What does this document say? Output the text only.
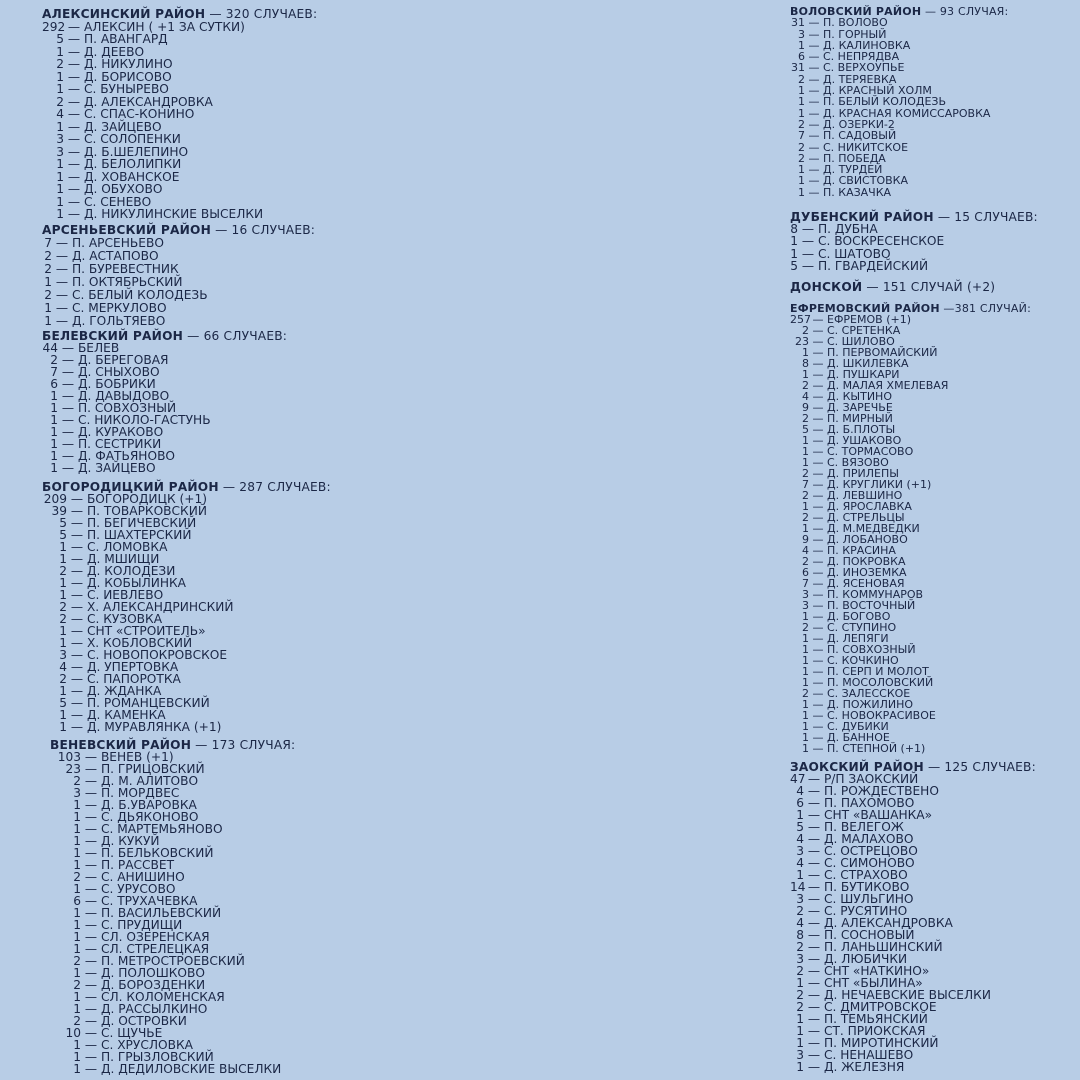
АЛЕКСИНСКИЙ РАЙОН — 320 СЛУЧАЕВ:
292 — АЛЕКСИН ( +1 ЗА СУТКИ)
5 — П. АВАНГАРД
1 — Д. ДЕЕВО
2 — Д. НИКУЛИНО
1 — Д. БОРИСОВО
1 — С. БУНЫРЕВО
2 — Д. АЛЕКСАНДРОВКА
4 — С. СПАС-КОНИНО
1 — Д. ЗАЙЦЕВО
3 — С. СОЛОПЕНКИ
3 — Д. Б.ШЕЛЕПИНО
1 — Д. БЕЛОЛИПКИ
1 — Д. ХОВАНСКОЕ
1 — Д. ОБУХОВО
1 — С. СЕНЕВО
1 — Д. НИКУЛИНСКИЕ ВЫСЕЛКИ
АРСЕНЬЕВСКИЙ РАЙОН — 16 СЛУЧАЕВ:
7 — П. АРСЕНЬЕВО
2 — Д. АСТАПОВО
2 — П. БУРЕВЕСТНИК
1 — П. ОКТЯБРЬСКИЙ
2 — С. БЕЛЫЙ КОЛОДЕЗЬ
1 — С. МЕРКУЛОВО
1 — Д. ГОЛЬТЯЕВО
БЕЛЕВСКИЙ РАЙОН — 66 СЛУЧАЕВ:
44 — БЕЛЕВ
2 — Д. БЕРЕГОВАЯ
7 — Д. СНЫХОВО
6 — Д. БОБРИКИ
1 — Д. ДАВЫДОВО
1 — П. СОВХОЗНЫЙ
1 — С. НИКОЛО-ГАСТУНЬ
1 — Д. КУРАКОВО
1 — П. СЕСТРИКИ
1 — Д. ФАТЬЯНОВО
1 — Д. ЗАЙЦЕВО
БОГОРОДИЦКИЙ РАЙОН — 287 СЛУЧАЕВ:
209 — БОГОРОДИЦК (+1)
39 — П. ТОВАРКОВСКИЙ
5 — П. БЕГИЧЕВСКИЙ
5 — П. ШАХТЕРСКИЙ
1 — С. ЛОМОВКА
1 — Д. МШИЩИ
2 — Д. КОЛОДЕЗИ
1 — Д. КОБЫЛИНКА
1 — С. ИЕВЛЕВО
2 — Х. АЛЕКСАНДРИНСКИЙ
2 — С. КУЗОВКА
1 — СНТ «СТРОИТЕЛЬ»
1 — Х. КОБЛОВСКИЙ
3 — С. НОВОПОКРОВСКОЕ
4 — Д. УПЕРТОВКА
2 — С. ПАПОРОТКА
1 — Д. ЖДАНКА
5 — П. РОМАНЦЕВСКИЙ
1 — Д. КАМЕНКА
1 — Д. МУРАВЛЯНКА (+1)
ВЕНЕВСКИЙ РАЙОН — 173 СЛУЧАЯ:
103 — ВЕНЕВ (+1)
23 — П. ГРИЦОВСКИЙ
2 — Д. М. АЛИТОВО
3 — П. МОРДВЕС
1 — Д. Б.УВАРОВКА
1 — С. ДЬЯКОНОВО
1 — С. МАРТЕМЬЯНОВО
1 — Д. КУКУЙ
1 — П. БЕЛЬКОВСКИЙ
1 — П. РАССВЕТ
2 — С. АНИШИНО
1 — С. УРУСОВО
6 — С. ТРУХАЧЕВКА
1 — П. ВАСИЛЬЕВСКИЙ
1 — С. ПРУДИЩИ
1 — СЛ. ОЗЕРЕНСКАЯ
1 — СЛ. СТРЕЛЕЦКАЯ
2 — П. МЕТРОСТРОЕВСКИЙ
1 — Д. ПОЛОШКОВО
2 — Д. БОРОЗДЕНКИ
1 — СЛ. КОЛОМЕНСКАЯ
1 — Д. РАССЫЛКИНО
2 — Д. ОСТРОВКИ
10 — С. ЩУЧЬЕ
1 — С. ХРУСЛОВКА
1 — П. ГРЫЗЛОВСКИЙ
1 — Д. ДЕДИЛОВСКИЕ ВЫСЕЛКИ
ВОЛОВСКИЙ РАЙОН — 93 СЛУЧАЯ:
31 — П. ВОЛОВО
3 — П. ГОРНЫЙ
1 — Д. КАЛИНОВКА
6 — С. НЕПРЯДВА
31 — С. ВЕРХОУПЬЕ
2 — Д. ТЕРЯЕВКА
1 — Д. КРАСНЫЙ ХОЛМ
1 — П. БЕЛЫЙ КОЛОДЕЗЬ
1 — Д. КРАСНАЯ КОМИССАРОВКА
2 — Д. ОЗЕРКИ-2
7 — П. САДОВЫЙ
2 — С. НИКИТСКОЕ
2 — П. ПОБЕДА
1 — Д. ТУРДЕЙ
1 — Д. СВИСТОВКА
1 — П. КАЗАЧКА
ДУБЕНСКИЙ РАЙОН — 15 СЛУЧАЕВ:
8 — П. ДУБНА
1 — С. ВОСКРЕСЕНСКОЕ
1 — С. ШАТОВО
5 — П. ГВАРДЕЙСКИЙ
ДОНСКОЙ — 151 СЛУЧАЙ (+2)
ЕФРЕМОВСКИЙ РАЙОН —381 СЛУЧАЙ:
257 — ЕФРЕМОВ (+1)
2 — С. СРЕТЕНКА
23 — С. ШИЛОВО
1 — П. ПЕРВОМАЙСКИЙ
8 — Д. ШКИЛЕВКА
1 — Д. ПУШКАРИ
2 — Д. МАЛАЯ ХМЕЛЕВАЯ
4 — Д. КЫТИНО
9 — Д. ЗАРЕЧЬЕ
2 — П. МИРНЫЙ
5 — Д. Б.ПЛОТЫ
1 — Д. УШАКОВО
1 — С. ТОРМАСОВО
1 — С. ВЯЗОВО
2 — Д. ПРИЛЕПЫ
7 — Д. КРУГЛИКИ (+1)
2 — Д. ЛЕВШИНО
1 — Д. ЯРОСЛАВКА
2 — Д. СТРЕЛЬЦЫ
1 — Д. М.МЕДВЕДКИ
9 — Д. ЛОБАНОВО
4 — П. КРАСИНА
2 — Д. ПОКРОВКА
6 — Д. ИНОЗЕМКА
7 — Д. ЯСЕНОВАЯ
3 — П. КОММУНАРОВ
3 — П. ВОСТОЧНЫЙ
1 — Д. БОГОВО
2 — С. СТУПИНО
1 — Д. ЛЕПЯГИ
1 — П. СОВХОЗНЫЙ
1 — С. КОЧКИНО
1 — П. СЕРП И МОЛОТ
1 — П. МОСОЛОВСКИЙ
2 — С. ЗАЛЕССКОЕ
1 — Д. ПОЖИЛИНО
1 — С. НОВОКРАСИВОЕ
1 — С. ДУБИКИ
1 — Д. БАННОЕ
1 — П. СТЕПНОЙ (+1)
ЗАОКСКИЙ РАЙОН — 125 СЛУЧАЕВ:
47 — Р/П ЗАОКСКИЙ
4 — П. РОЖДЕСТВЕНО
6 — П. ПАХОМОВО
1 — СНТ «ВАШАНКА»
5 — П. ВЕЛЕГОЖ
4 — Д. МАЛАХОВО
3 — С. ОСТРЕЦОВО
4 — С. СИМОНОВО
1 — С. СТРАХОВО
14 — П. БУТИКОВО
3 — С. ШУЛЬГИНО
2 — С. РУСЯТИНО
4 — Д. АЛЕКСАНДРОВКА
8 — П. СОСНОВЫЙ
2 — П. ЛАНЬШИНСКИЙ
3 — Д. ЛЮБИЧКИ
2 — СНТ «НАТКИНО»
1 — СНТ «БЫЛИНА»
2 — Д. НЕЧАЕВСКИЕ ВЫСЕЛКИ
2 — С. ДМИТРОВСКОЕ
1 — П. ТЕМЬЯНСКИЙ
1 — СТ. ПРИОКСКАЯ
1 — П. МИРОТИНСКИЙ
3 — С. НЕНАШЕВО
1 — Д. ЖЕЛЕЗНЯ
